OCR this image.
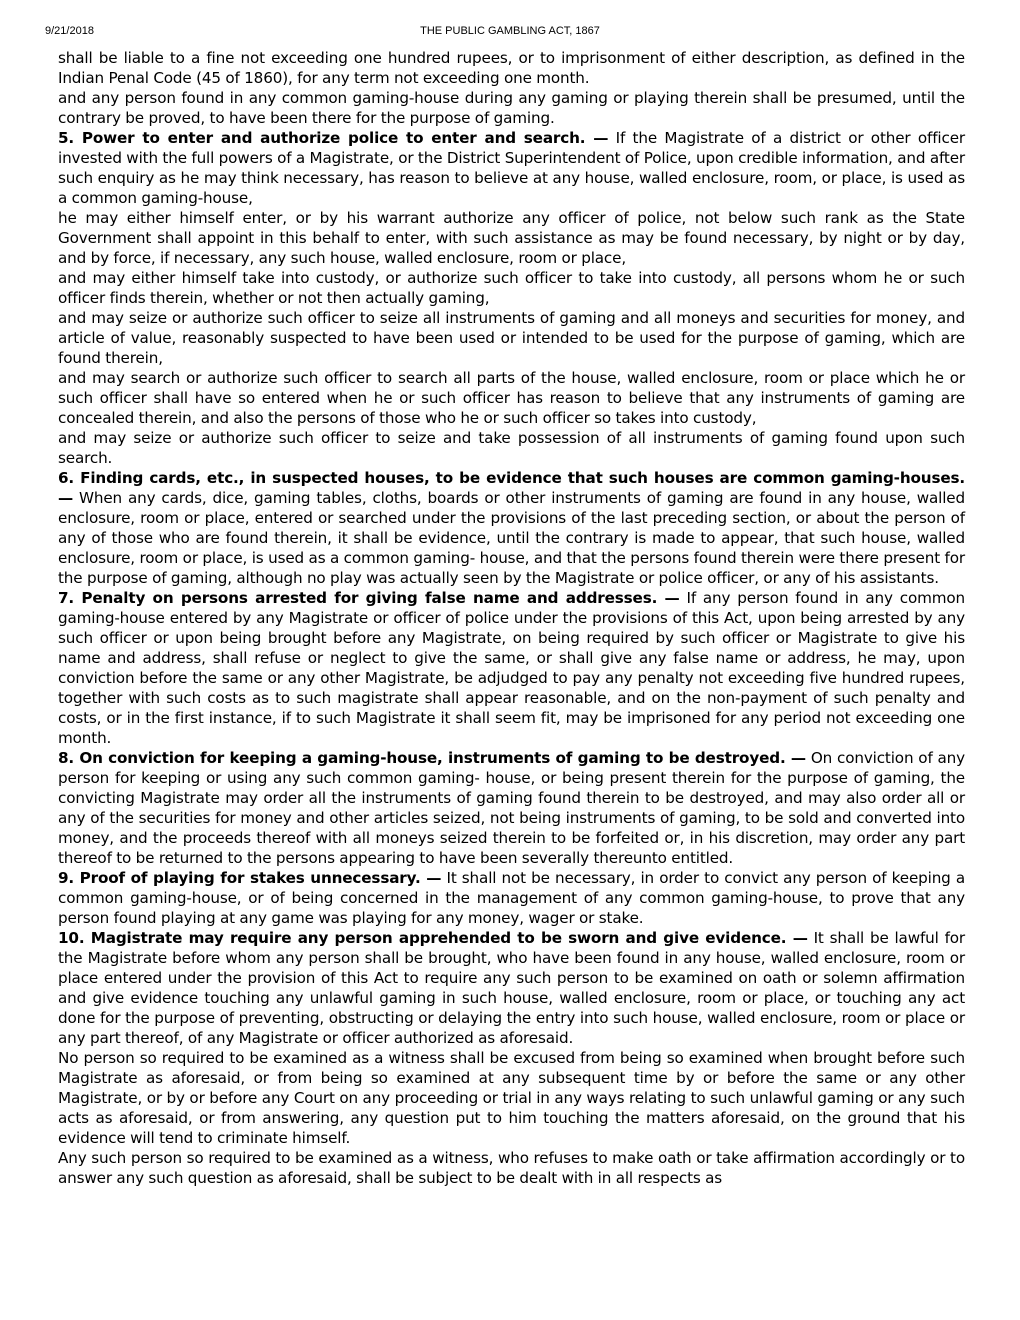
9/21/2018	THE PUBLIC GAMBLING ACT, 1867

shall be liable to a fine not exceeding one hundred rupees, or to imprisonment of either description, as defined in the Indian Penal Code (45 of 1860), for any term not exceeding one month.

and any person found in any common gaming-house during any gaming or playing therein shall be presumed, until the contrary be proved, to have been there for the purpose of gaming.

5. Power to enter and authorize police to enter and search. — If the Magistrate of a district or other officer invested with the full powers of a Magistrate, or the District Superintendent of Police, upon credible information, and after such enquiry as he may think necessary, has reason to believe at any house, walled enclosure, room, or place, is used as a common gaming-house,

he may either himself enter, or by his warrant authorize any officer of police, not below such rank as the State Government shall appoint in this behalf to enter, with such assistance as may be found necessary, by night or by day, and by force, if necessary, any such house, walled enclosure, room or place,

and may either himself take into custody, or authorize such officer to take into custody, all persons whom he or such officer finds therein, whether or not then actually gaming,

and may seize or authorize such officer to seize all instruments of gaming and all moneys and securities for money, and article of value, reasonably suspected to have been used or intended to be used for the purpose of gaming, which are found therein,

and may search or authorize such officer to search all parts of the house, walled enclosure, room or place which he or such officer shall have so entered when he or such officer has reason to believe that any instruments of gaming are concealed therein, and also the persons of those who he or such officer so takes into custody,

and may seize or authorize such officer to seize and take possession of all instruments of gaming found upon such search.

6. Finding cards, etc., in suspected houses, to be evidence that such houses are common gaming-houses. — When any cards, dice, gaming tables, cloths, boards or other instruments of gaming are found in any house, walled enclosure, room or place, entered or searched under the provisions of the last preceding section, or about the person of any of those who are found therein, it shall be evidence, until the contrary is made to appear, that such house, walled enclosure, room or place, is used as a common gaming- house, and that the persons found therein were there present for the purpose of gaming, although no play was actually seen by the Magistrate or police officer, or any of his assistants.

7. Penalty on persons arrested for giving false name and addresses. — If any person found in any common gaming-house entered by any Magistrate or officer of police under the provisions of this Act, upon being arrested by any such officer or upon being brought before any Magistrate, on being required by such officer or Magistrate to give his name and address, shall refuse or neglect to give the same, or shall give any false name or address, he may, upon conviction before the same or any other Magistrate, be adjudged to pay any penalty not exceeding five hundred rupees, together with such costs as to such magistrate shall appear reasonable, and on the non-payment of such penalty and costs, or in the first instance, if to such Magistrate it shall seem fit, may be imprisoned for any period not exceeding one month.

8. On conviction for keeping a gaming-house, instruments of gaming to be destroyed. — On conviction of any person for keeping or using any such common gaming- house, or being present therein for the purpose of gaming, the convicting Magistrate may order all the instruments of gaming found therein to be destroyed, and may also order all or any of the securities for money and other articles seized, not being instruments of gaming, to be sold and converted into money, and the proceeds thereof with all moneys seized therein to be forfeited or, in his discretion, may order any part thereof to be returned to the persons appearing to have been severally thereunto entitled.

9. Proof of playing for stakes unnecessary. — It shall not be necessary, in order to convict any person of keeping a common gaming-house, or of being concerned in the management of any common gaming-house, to prove that any person found playing at any game was playing for any money, wager or stake.

10. Magistrate may require any person apprehended to be sworn and give evidence. — It shall be lawful for the Magistrate before whom any person shall be brought, who have been found in any house, walled enclosure, room or place entered under the provision of this Act to require any such person to be examined on oath or solemn affirmation and give evidence touching any unlawful gaming in such house, walled enclosure, room or place, or touching any act done for the purpose of preventing, obstructing or delaying the entry into such house, walled enclosure, room or place or any part thereof, of any Magistrate or officer authorized as aforesaid.

No person so required to be examined as a witness shall be excused from being so examined when brought before such Magistrate as aforesaid, or from being so examined at any subsequent time by or before the same or any other Magistrate, or by or before any Court on any proceeding or trial in any ways relating to such unlawful gaming or any such acts as aforesaid, or from answering, any question put to him touching the matters aforesaid, on the ground that his evidence will tend to criminate himself.

Any such person so required to be examined as a witness, who refuses to make oath or take affirmation accordingly or to answer any such question as aforesaid, shall be subject to be dealt with in all respects as
